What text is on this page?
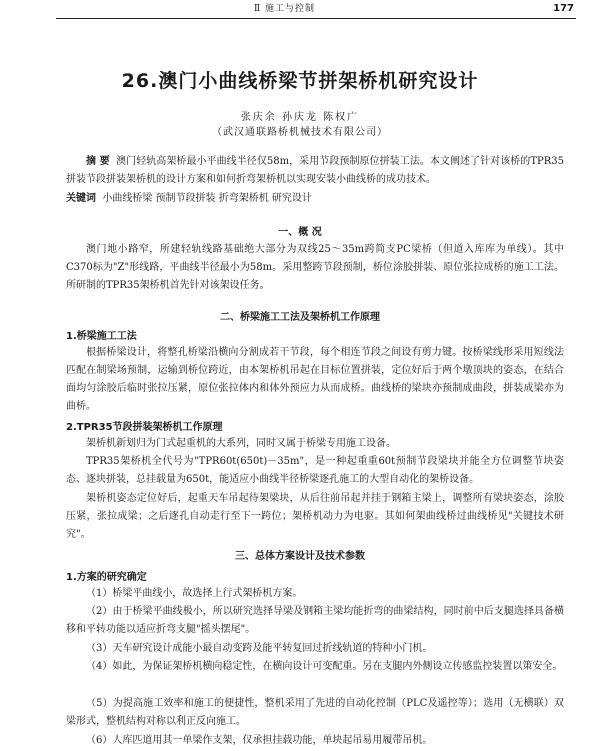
Ⅱ 施工与控制	177
26.澳门小曲线桥梁节拼架桥机研究设计
张庆余 孙庆龙 陈权广
（武汉通联路桥机械技术有限公司）
摘 要 澳门轻轨高架桥最小平曲线半径仅58m，采用节段预制原位拼装工法。本文阐述了针对该桥的TPR35拼装节段拼装架桥机的设计方案和如何折弯架桥机以实现安装小曲线桥的成功技术。
关键词 小曲线桥梁 预制节段拼装 折弯架桥机 研究设计
一、概 况
澳门地小路窄，所建轻轨线路基础绝大部分为双线25～35m跨简支PC梁桥（但道入库库为单线）。其中C370标为"Z"形线路，平曲线半径最小为58m。采用整跨节段预制，桥位涂胶拼装、原位张拉成桥的施工工法。所研制的TPR35架桥机首先针对该架设任务。
二、桥梁施工工法及架桥机工作原理
1.桥梁施工工法
根据桥梁设计，将整孔桥梁沿横向分割成若干节段，每个相连节段之间设有剪力键。按桥梁线形采用短线法匹配在制梁场预制，运输到桥位跨近，由本架桥机吊起在目标位置拼装，定位好后于两个墩顶块的姿态，在结合面均匀涂胶后临时张拉压紧，原位张拉体内和体外预应力从而成桥。曲线桥的梁块亦预制成曲段，拼装成梁亦为曲桥。
2.TPR35节段拼装架桥机工作原理
架桥机新划归为门式起重机的大系列，同时又属于桥梁专用施工设备。
TPR35架桥机全代号为"TPR60t(650t)－35m"，是一种起重重60t预制节段梁块并能全方位调整节块姿态、逐块拼装，总挂载量为650t，能适应小曲线半径桥梁逐孔施工的大型自动化的架桥设备。
架桥机姿态定位好后，起重天车吊起待架梁块，从后往前吊起并挂于钢箱主梁上，调整所有梁块姿态，涂胶压紧，张拉成梁；之后逐孔自动走行至下一跨位；架桥机动力为电驱。其如何架曲线桥过曲线桥见"关键技术研究"。
三、总体方案设计及技术参数
1.方案的研究确定
（1）桥梁平曲线小，故选择上行式架桥机方案。
（2）由于桥梁平曲线极小，所以研究选择导梁及钢箱主梁均能折弯的曲梁结构，同时前中后支腿选择具备横移和平转功能以适应折弯支腿"摇头摆尾"。
（3）天车研究设计成能小最自动变跨及能平转复回过折线轨道的特种小门机。
（4）如此，为保证架桥机横向稳定性，在横向设计可变配重。另在支腿内外侧设立传感监控装置以策安全。
（5）为提高施工效率和施工的便捷性，整机采用了先进的自动化控制（PLC及遥控等）；选用（无横联）双梁形式，整机结构对称以利正反向施工。
（6）人库匹道用其一单梁作支架，仅承担挂载功能，单块起吊易用履带吊机。
